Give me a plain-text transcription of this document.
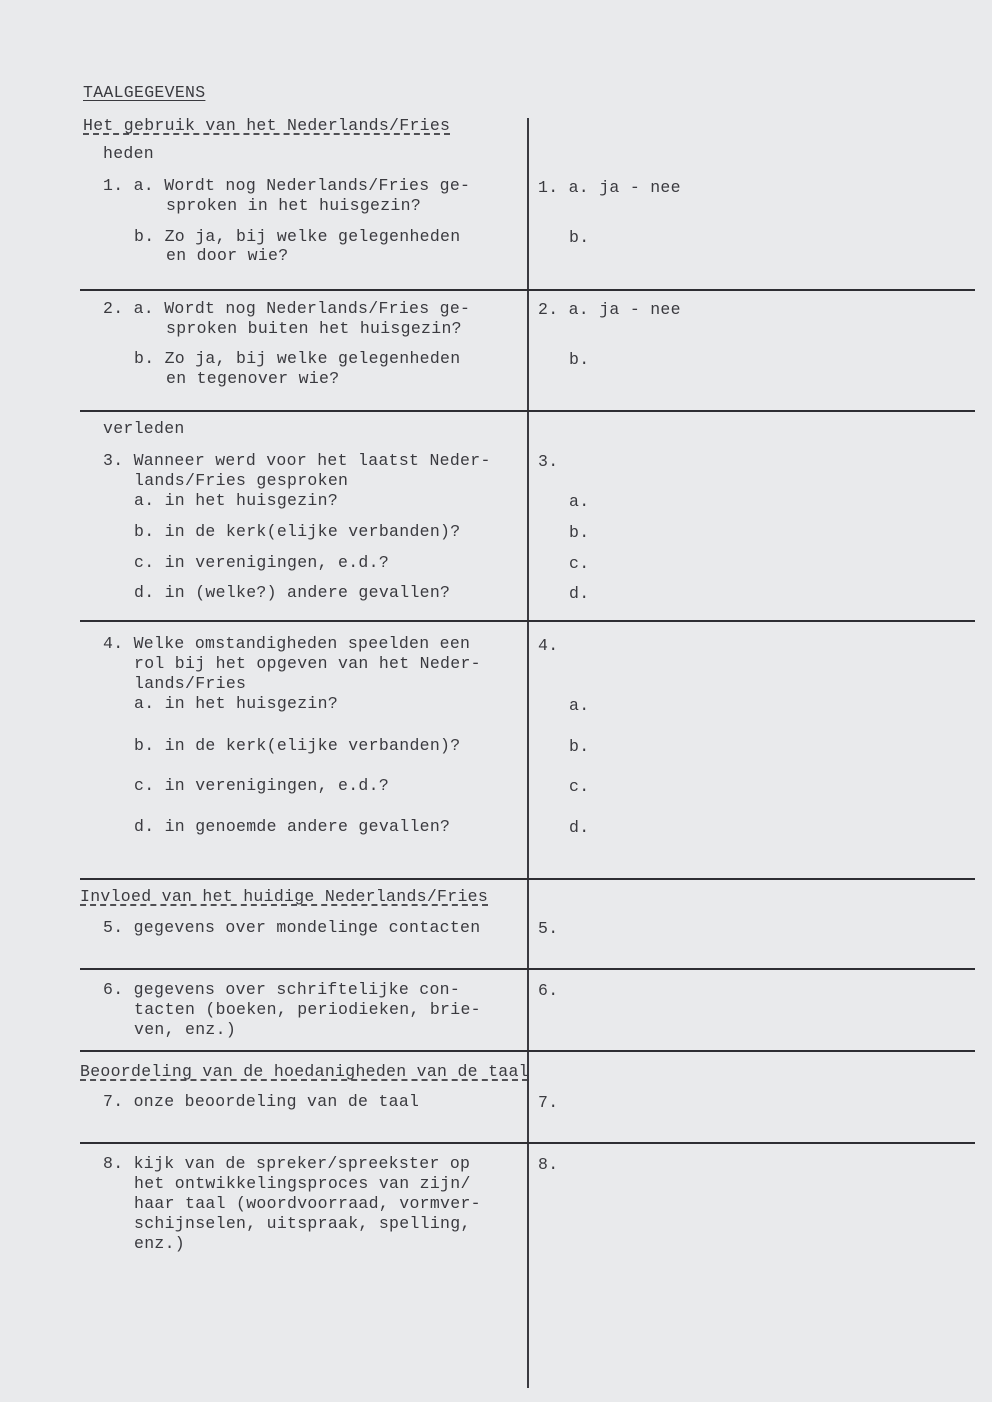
TAALGEGEVENS
Het gebruik van het Nederlands/Fries
heden
1. a. Wordt nog Nederlands/Fries ge-
sproken in het huisgezin?
b. Zo ja, bij welke gelegenheden
en door wie?
1. a. ja - nee
b.
2. a. Wordt nog Nederlands/Fries ge-
sproken buiten het huisgezin?
b. Zo ja, bij welke gelegenheden
en tegenover wie?
2. a. ja - nee
b.
verleden
3. Wanneer werd voor het laatst Neder-
lands/Fries gesproken
a. in het huisgezin?
b. in de kerk(elijke verbanden)?
c. in verenigingen, e.d.?
d. in (welke?) andere gevallen?
3.
a.
b.
c.
d.
4. Welke omstandigheden speelden een
rol bij het opgeven van het Neder-
lands/Fries
a. in het huisgezin?
b. in de kerk(elijke verbanden)?
c. in verenigingen, e.d.?
d. in genoemde andere gevallen?
4.
a.
b.
c.
d.
Invloed van het huidige Nederlands/Fries
5. gegevens over mondelinge contacten	5.
6. gegevens over schriftelijke con-
tacten (boeken, periodieken, brie-
ven, enz.)
6.
Beoordeling van de hoedanigheden van de taal
7. onze beoordeling van de taal	7.
8. kijk van de spreker/spreekster op
het ontwikkelingsproces van zijn/
haar taal (woordvoorraad, vormver-
schijnselen, uitspraak, spelling,
enz.)
8.
